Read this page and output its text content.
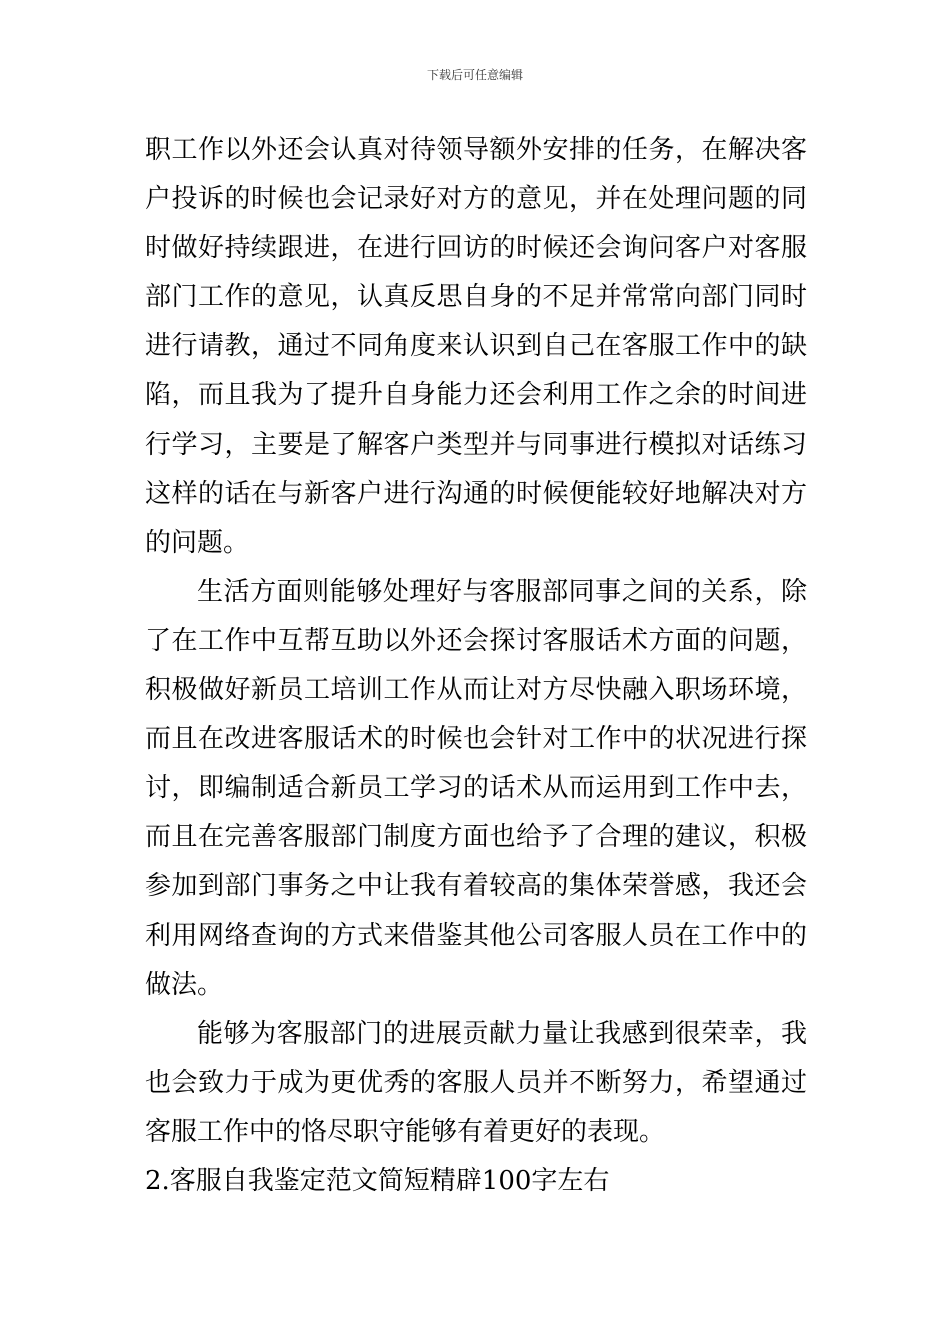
下载后可任意编辑
职工作以外还会认真对待领导额外安排的任务，在解决客
户投诉的时候也会记录好对方的意见，并在处理问题的同
时做好持续跟进，在进行回访的时候还会询问客户对客服
部门工作的意见，认真反思自身的不足并常常向部门同时
进行请教，通过不同角度来认识到自己在客服工作中的缺
陷，而且我为了提升自身能力还会利用工作之余的时间进
行学习，主要是了解客户类型并与同事进行模拟对话练习
这样的话在与新客户进行沟通的时候便能较好地解决对方
的问题。
生活方面则能够处理好与客服部同事之间的关系，除
了在工作中互帮互助以外还会探讨客服话术方面的问题，
积极做好新员工培训工作从而让对方尽快融入职场环境，
而且在改进客服话术的时候也会针对工作中的状况进行探
讨，即编制适合新员工学习的话术从而运用到工作中去，
而且在完善客服部门制度方面也给予了合理的建议，积极
参加到部门事务之中让我有着较高的集体荣誉感，我还会
利用网络查询的方式来借鉴其他公司客服人员在工作中的
做法。
能够为客服部门的进展贡献力量让我感到很荣幸，我
也会致力于成为更优秀的客服人员并不断努力，希望通过
客服工作中的恪尽职守能够有着更好的表现。
2.客服自我鉴定范文简短精辟100字左右
